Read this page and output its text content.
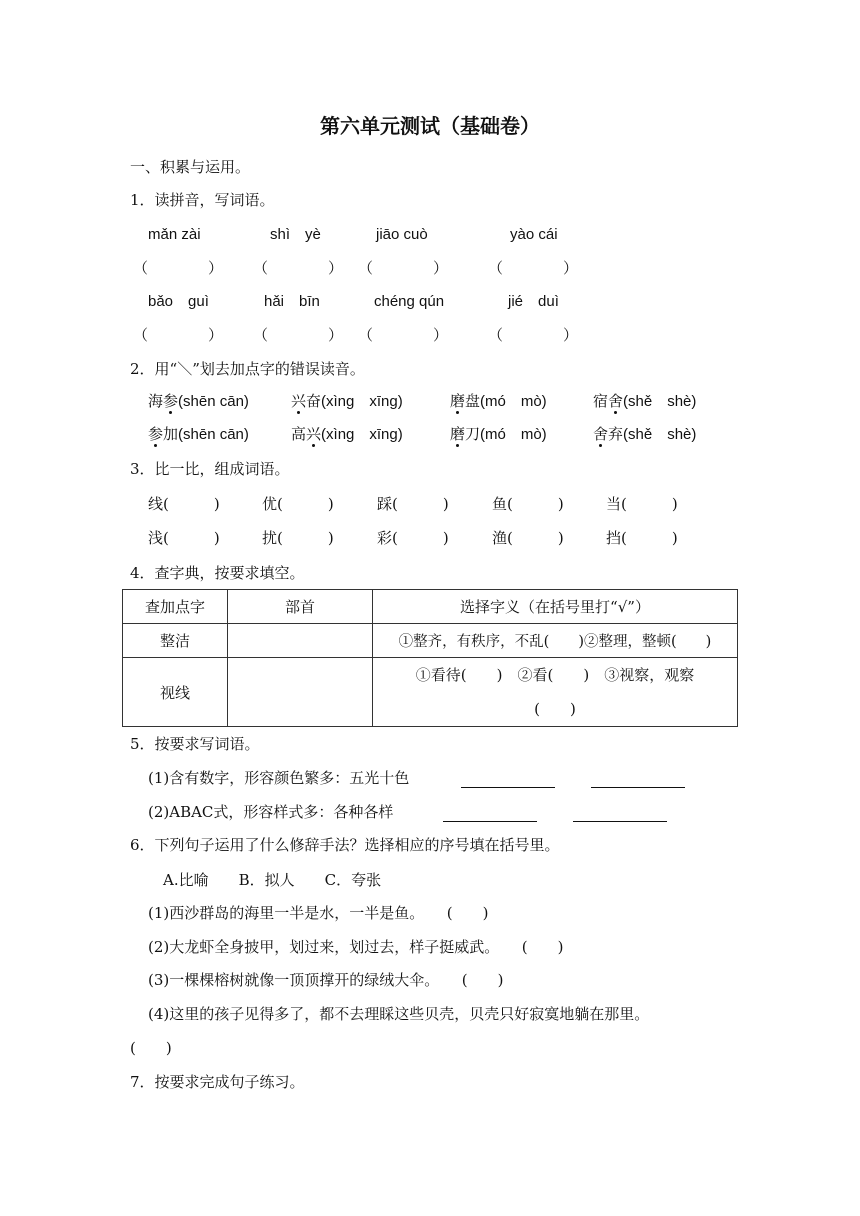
第六单元测试（基础卷）
一、积累与运用。
1．读拼音，写词语。
mǎn zài	shì　yè	jiāo cuò	yào cái
（　　　　） （　　　　） （　　　　）	（　　　　）
bǎo　guì	hǎi　bīn	chéng qún	jié　duì
（　　　　） （　　　　） （　　　　）	（　　　　）
2．用“＼”划去加点字的错误读音。
海参(shēn cān)	兴奋(xìng　xīng)	磨盘(mó　mò)	宿舍(shě　shè)
参加(shēn cān)	高兴(xìng　xīng)	磨刀(mó　mò)	舍弃(shě　shè)
3．比一比，组成词语。
线(　　　)	优(　　　)	踩(　　　)	鱼(　　　)	当(　　　)
浅(　　　)	扰(　　　)	彩(　　　)	渔(　　　)	挡(　　　)
4．查字典，按要求填空。
查加点字	部首	选择字义（在括号里打“√”）
整洁		①整齐，有秩序，不乱(　　)②整理，整顿(　　)
视线		①看待(　　)　②看(　　)　③视察，观察
(　　)
5．按要求写词语。
(1)含有数字，形容颜色繁多：五光十色
(2)ABAC式，形容样式多：各种各样
6．下列句子运用了什么修辞手法？选择相应的序号填在括号里。
A.比喻　　B．拟人　　C．夸张
(1)西沙群岛的海里一半是水，一半是鱼。　　(　　)
(2)大龙虾全身披甲，划过来，划过去，样子挺威武。　　(　　)
(3)一棵棵榕树就像一顶顶撑开的绿绒大伞。　　(　　)
(4)这里的孩子见得多了，都不去理睬这些贝壳，贝壳只好寂寞地躺在那里。
(　　)
7．按要求完成句子练习。
